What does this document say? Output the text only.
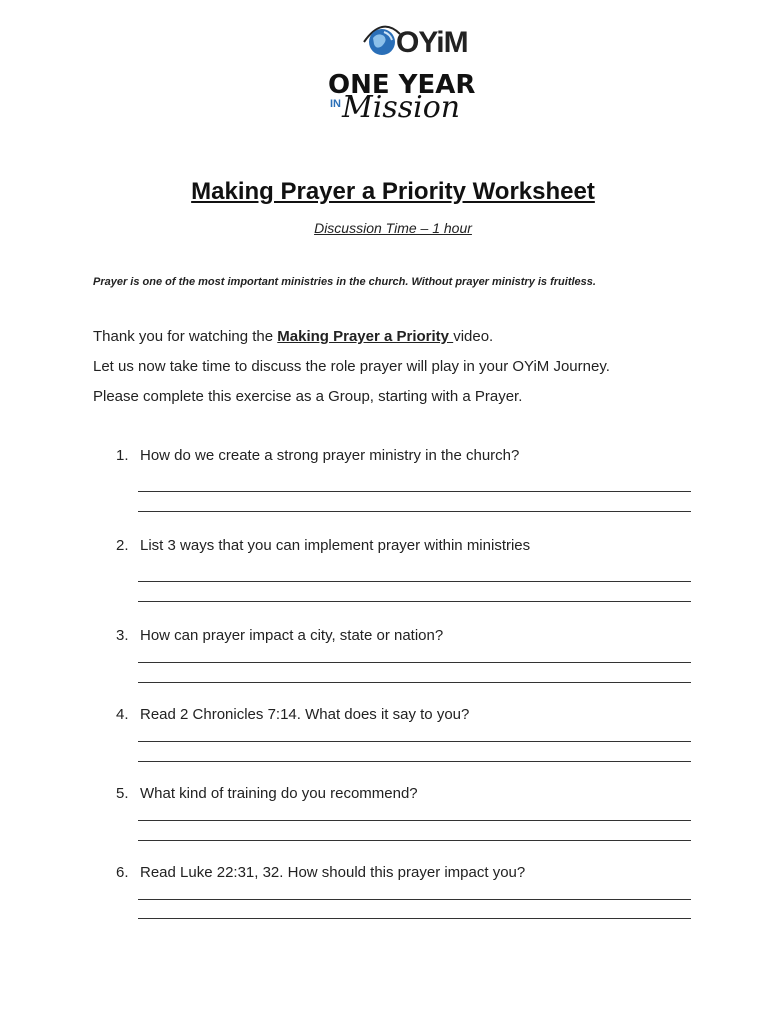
OYiM
ONE YEAR
IN Mission
Making Prayer a Priority Worksheet
Discussion Time – 1 hour
Prayer is one of the most important ministries in the church. Without prayer ministry is fruitless.
Thank you for watching the Making Prayer a Priority video.
Let us now take time to discuss the role prayer will play in your OYiM Journey.
Please complete this exercise as a Group, starting with a Prayer.
1. How do we create a strong prayer ministry in the church?
2. List 3 ways that you can implement prayer within ministries
3. How can prayer impact a city, state or nation?
4. Read 2 Chronicles 7:14. What does it say to you?
5. What kind of training do you recommend?
6. Read Luke 22:31, 32. How should this prayer impact you?
